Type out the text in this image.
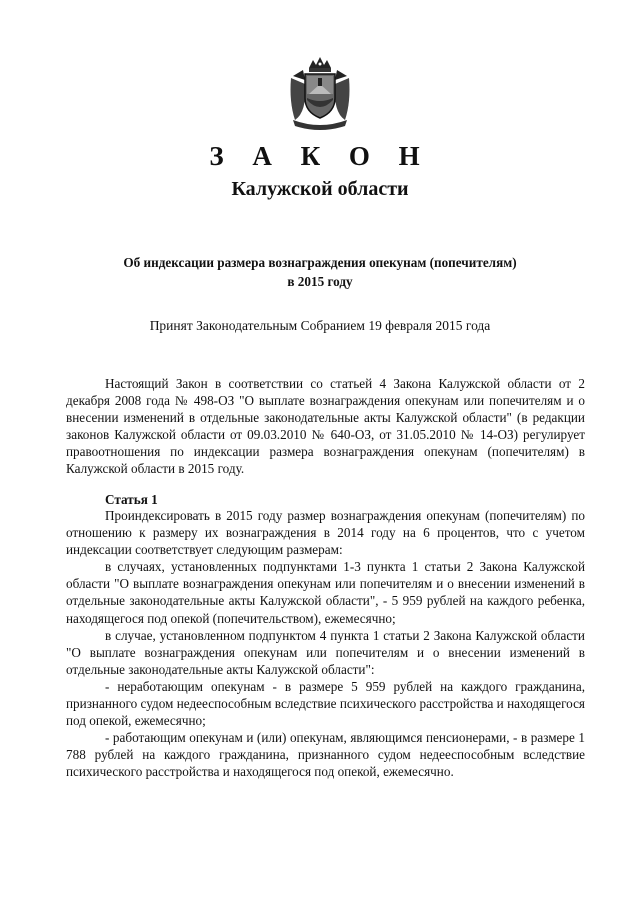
З А К О Н
Калужской области
Об индексации размера вознаграждения опекунам (попечителям)
в 2015 году
Принят Законодательным Собранием 19 февраля 2015 года

Настоящий Закон в соответствии со статьей 4 Закона Калужской области от 2 декабря 2008 года № 498-ОЗ "О выплате вознаграждения опекунам или попечителям и о внесении изменений в отдельные законодательные акты Калужской области" (в редакции законов Калужской области от 09.03.2010 № 640-ОЗ, от 31.05.2010 № 14-ОЗ) регулирует правоотношения по индексации размера вознаграждения опекунам (попечителям) в Калужской области в 2015 году.

Статья 1

Проиндексировать в 2015 году размер вознаграждения опекунам (попечителям) по отношению к размеру их вознаграждения в 2014 году на 6 процентов, что с учетом индексации соответствует следующим размерам:

в случаях, установленных подпунктами 1-3 пункта 1 статьи 2 Закона Калужской области "О выплате вознаграждения опекунам или попечителям и о внесении изменений в отдельные законодательные акты Калужской области", - 5 959 рублей на каждого ребенка, находящегося под опекой (попечительством), ежемесячно;

в случае, установленном подпунктом 4 пункта 1 статьи 2 Закона Калужской области "О выплате вознаграждения опекунам или попечителям и о внесении изменений в отдельные законодательные акты Калужской области":

- неработающим опекунам - в размере 5 959 рублей на каждого гражданина, признанного судом недееспособным вследствие психического расстройства и находящегося под опекой, ежемесячно;

- работающим опекунам и (или) опекунам, являющимся пенсионерами, - в размере 1 788 рублей на каждого гражданина, признанного судом недееспособным вследствие психического расстройства и находящегося под опекой, ежемесячно.
